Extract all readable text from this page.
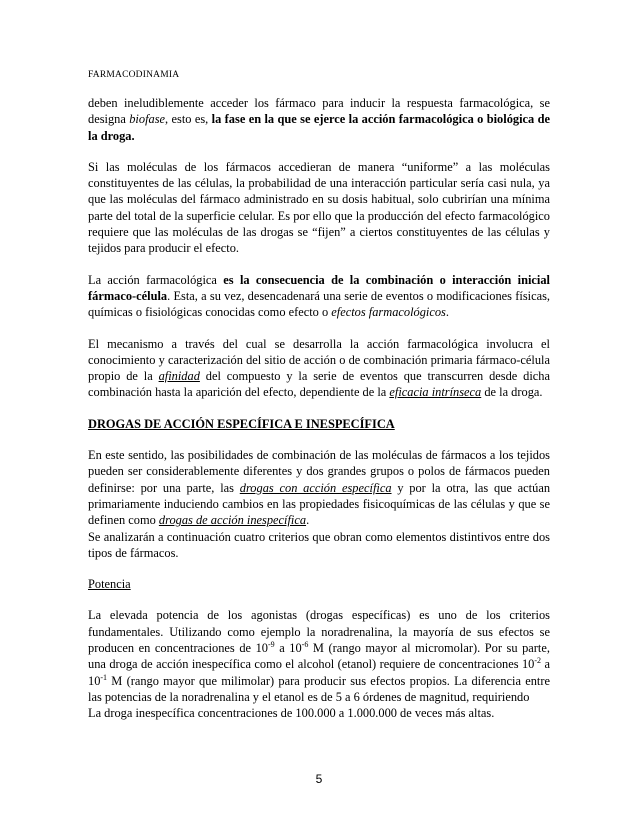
FARMACODINAMIA

deben ineludiblemente acceder los fármaco para inducir la respuesta farmacológica, se designa biofase, esto es, la fase en la que se ejerce la acción farmacológica o biológica de la droga.

Si las moléculas de los fármacos accedieran de manera “uniforme” a las moléculas constituyentes de las células, la probabilidad de una interacción particular sería casi nula, ya que las moléculas del fármaco administrado en su dosis habitual, solo cubrirían una mínima parte del total de la superficie celular. Es por ello que la producción del efecto farmacológico requiere que las moléculas de las drogas se “fijen” a ciertos constituyentes de las células y tejidos para producir el efecto.

La acción farmacológica es la consecuencia de la combinación o interacción inicial fármaco-célula. Esta, a su vez, desencadenará una serie de eventos o modificaciones físicas, químicas o fisiológicas conocidas como efecto o efectos farmacológicos.

El mecanismo a través del cual se desarrolla la acción farmacológica involucra el conocimiento y caracterización del sitio de acción o de combinación primaria fármaco-célula propio de la afinidad del compuesto y la serie de eventos que transcurren desde dicha combinación hasta la aparición del efecto, dependiente de la eficacia intrínseca de la droga.

DROGAS DE ACCIÓN ESPECÍFICA E INESPECÍFICA

En este sentido, las posibilidades de combinación de las moléculas de fármacos a los tejidos pueden ser considerablemente diferentes y dos grandes grupos o polos de fármacos pueden definirse: por una parte, las drogas con acción específica y por la otra, las que actúan primariamente induciendo cambios en las propiedades fisicoquímicas de las células y que se definen como drogas de acción inespecífica.

Se analizarán a continuación cuatro criterios que obran como elementos distintivos entre dos tipos de fármacos.

Potencia

La elevada potencia de los agonistas (drogas específicas) es uno de los criterios fundamentales. Utilizando como ejemplo la noradrenalina, la mayoría de sus efectos se producen en concentraciones de $10^{-9}$ a $10^{-6}$ M (rango mayor al micromolar). Por su parte, una droga de acción inespecífica como el alcohol (etanol) requiere de concentraciones $10^{-2}$ a $10^{-1}$ M (rango mayor que milimolar) para producir sus efectos propios. La diferencia entre las potencias de la noradrenalina y el etanol es de 5 a 6 órdenes de magnitud, requiriendo

La droga inespecífica concentraciones de 100.000 a 1.000.000 de veces más altas.

5
